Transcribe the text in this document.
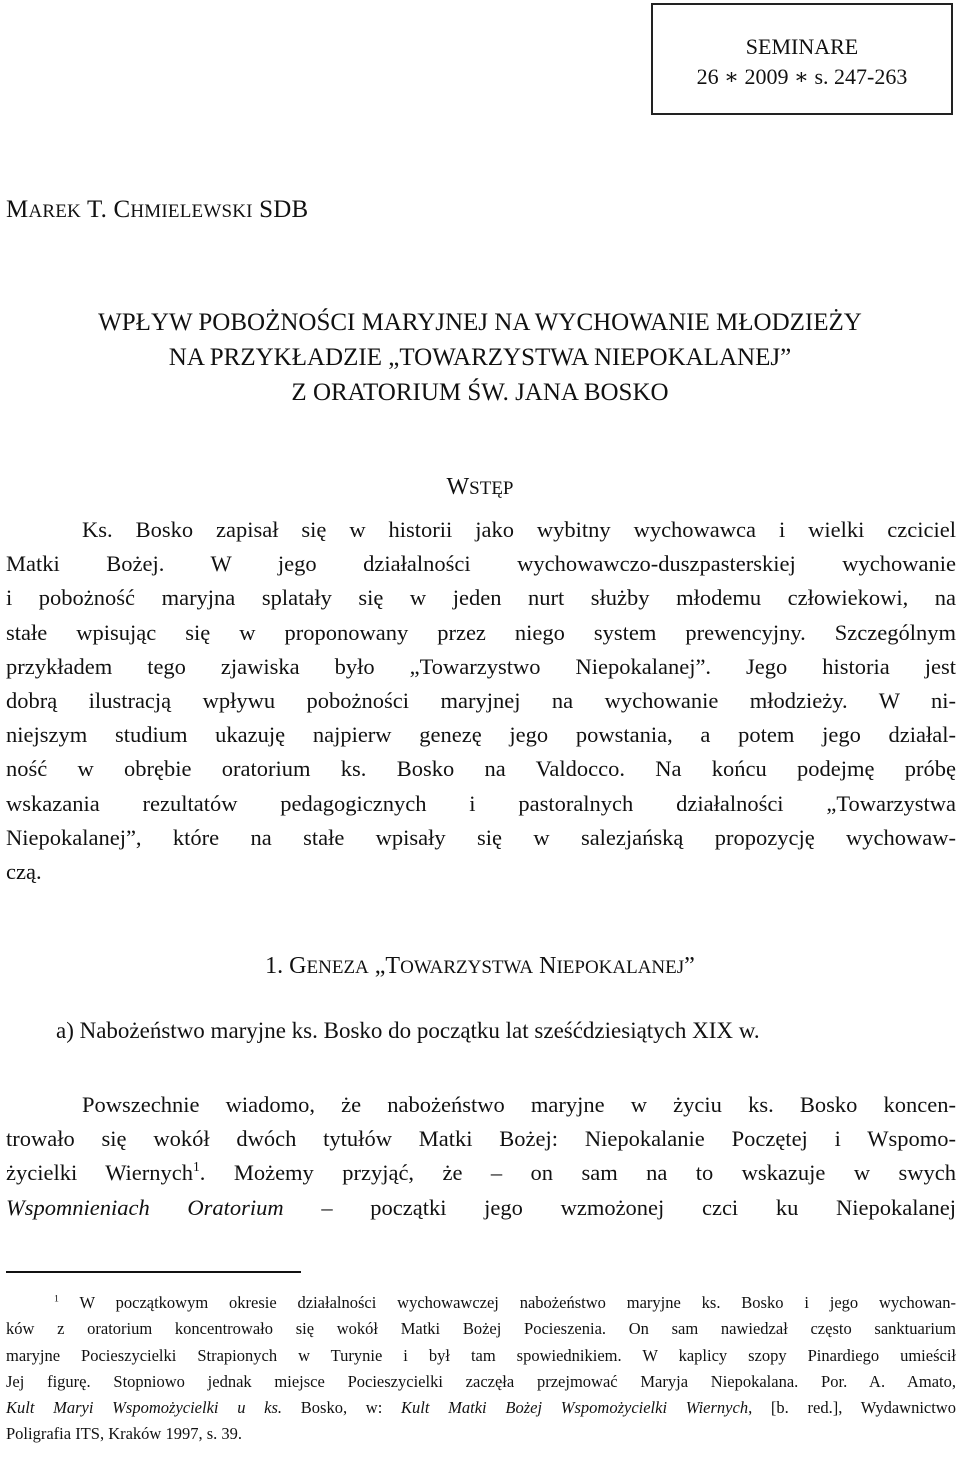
SEMINARE
26 ∗ 2009 ∗ s. 247-263
MAREK T. CHMIELEWSKI SDB
WPŁYW POBOŻNOŚCI MARYJNEJ NA WYCHOWANIE MŁODZIEŻY
NA PRZYKŁADZIE „TOWARZYSTWA NIEPOKALANEJ”
Z ORATORIUM ŚW. JANA BOSKO
WSTĘP

Ks. Bosko zapisał się w historii jako wybitny wychowawca i wielki czciciel
Matki Bożej. W jego działalności wychowawczo-duszpasterskiej wychowanie
i pobożność maryjna splatały się w jeden nurt służby młodemu człowiekowi, na
stałe wpisując się w proponowany przez niego system prewencyjny. Szczególnym
przykładem tego zjawiska było „Towarzystwo Niepokalanej”. Jego historia jest
dobrą ilustracją wpływu pobożności maryjnej na wychowanie młodzieży. W ni-
niejszym studium ukazuję najpierw genezę jego powstania, a potem jego działal-
ność w obrębie oratorium ks. Bosko na Valdocco. Na końcu podejmę próbę
wskazania rezultatów pedagogicznych i pastoralnych działalności „Towarzystwa
Niepokalanej”, które na stałe wpisały się w salezjańską propozycję wychowaw-
czą.

1. GENEZA „TOWARZYSTWA NIEPOKALANEJ”
a) Nabożeństwo maryjne ks. Bosko do początku lat sześćdziesiątych XIX w.

Powszechnie wiadomo, że nabożeństwo maryjne w życiu ks. Bosko koncen-
trowało się wokół dwóch tytułów Matki Bożej: Niepokalanie Poczętej i Wspomo-
życielki Wiernych$^1$. Możemy przyjąć, że – on sam na to wskazuje w swych
Wspomnieniach Oratorium – początki jego wzmożonej czci ku Niepokalanej

$^1$ W początkowym okresie działalności wychowawczej nabożeństwo maryjne ks. Bosko i jego wychowan-
ków z oratorium koncentrowało się wokół Matki Bożej Pocieszenia. On sam nawiedzał często sanktuarium
maryjne Pocieszycielki Strapionych w Turynie i był tam spowiednikiem. W kaplicy szopy Pinardiego umieścił
Jej figurę. Stopniowo jednak miejsce Pocieszycielki zaczęła przejmować Maryja Niepokalana. Por. A. Amato,
Kult Maryi Wspomożycielki u ks. Bosko, w: Kult Matki Bożej Wspomożycielki Wiernych, [b. red.], Wydawnictwo
Poligrafia ITS, Kraków 1997, s. 39.
